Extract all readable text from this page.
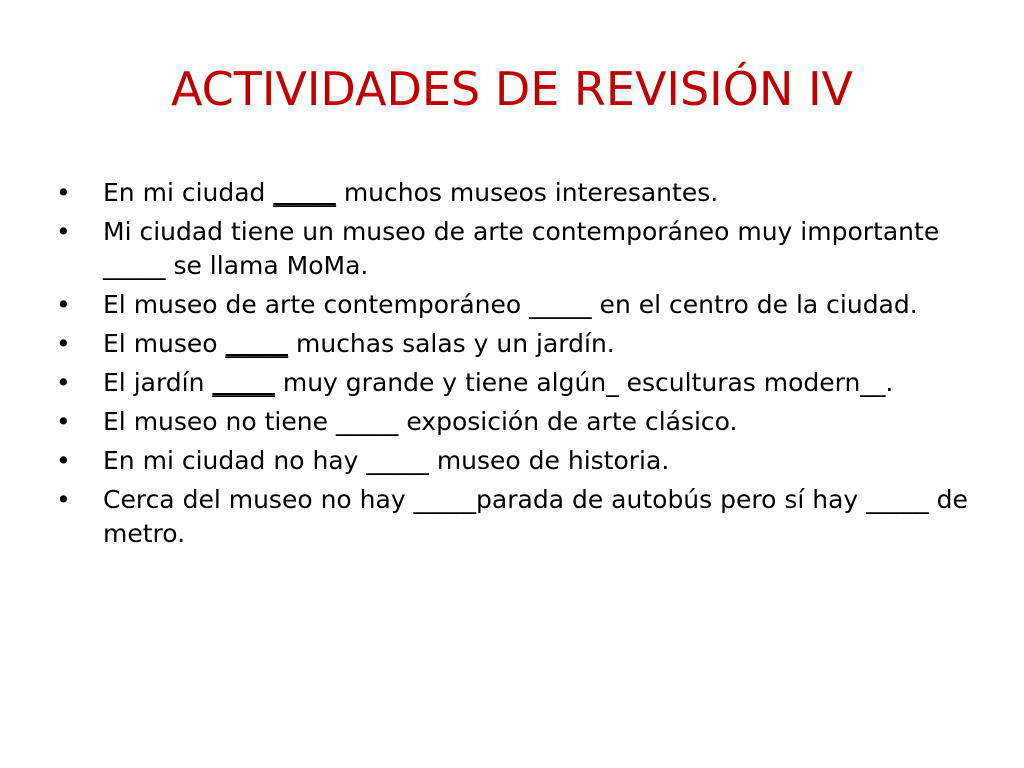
ACTIVIDADES DE REVISIÓN IV
•	En mi ciudad _____ muchos museos interesantes.
•	Mi ciudad tiene un museo de arte contemporáneo muy importante _____ se llama MoMa.
•	El museo de arte contemporáneo _____ en el centro de la ciudad.
•	El museo _____ muchas salas y un jardín.
•	El jardín _____ muy grande y tiene algún_ esculturas modern__.
•	El museo no tiene _____ exposición de arte clásico.
•	En mi ciudad no hay _____ museo de historia.
•	Cerca del museo no hay _____parada de autobús pero sí hay _____ de metro.
